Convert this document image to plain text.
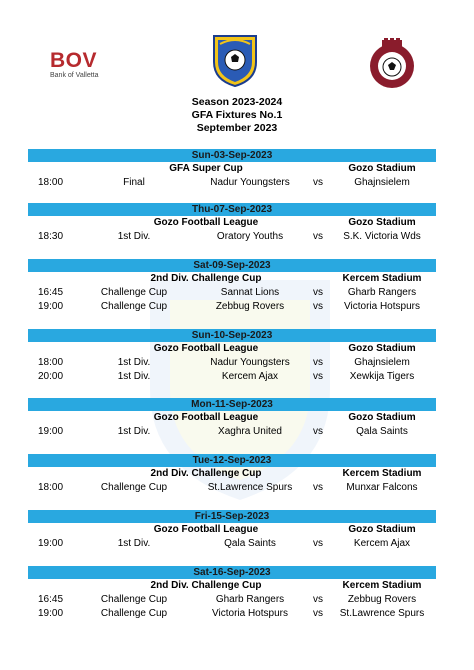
BOV
Bank of Valletta
Season 2023-2024
GFA Fixtures No.1
September 2023
Sun-03-Sep-2023
GFA Super Cup	Gozo Stadium
18:00	Final	Nadur Youngsters	vs	Ghajnsielem
Thu-07-Sep-2023
Gozo Football League	Gozo Stadium
18:30	1st Div.	Oratory Youths	vs	S.K. Victoria Wds
Sat-09-Sep-2023
2nd Div. Challenge Cup	Kercem Stadium
16:45	Challenge Cup	Sannat Lions	vs	Gharb Rangers
19:00	Challenge Cup	Zebbug Rovers	vs	Victoria Hotspurs
Sun-10-Sep-2023
Gozo Football League	Gozo Stadium
18:00	1st Div.	Nadur Youngsters	vs	Ghajnsielem
20:00	1st Div.	Kercem Ajax	vs	Xewkija Tigers
Mon-11-Sep-2023
Gozo Football League	Gozo Stadium
19:00	1st Div.	Xaghra United	vs	Qala Saints
Tue-12-Sep-2023
2nd Div. Challenge Cup	Kercem Stadium
18:00	Challenge Cup	St.Lawrence Spurs	vs	Munxar Falcons
Fri-15-Sep-2023
Gozo Football League	Gozo Stadium
19:00	1st Div.	Qala Saints	vs	Kercem Ajax
Sat-16-Sep-2023
2nd Div. Challenge Cup	Kercem Stadium
16:45	Challenge Cup	Gharb Rangers	vs	Zebbug Rovers
19:00	Challenge Cup	Victoria Hotspurs	vs	St.Lawrence Spurs
